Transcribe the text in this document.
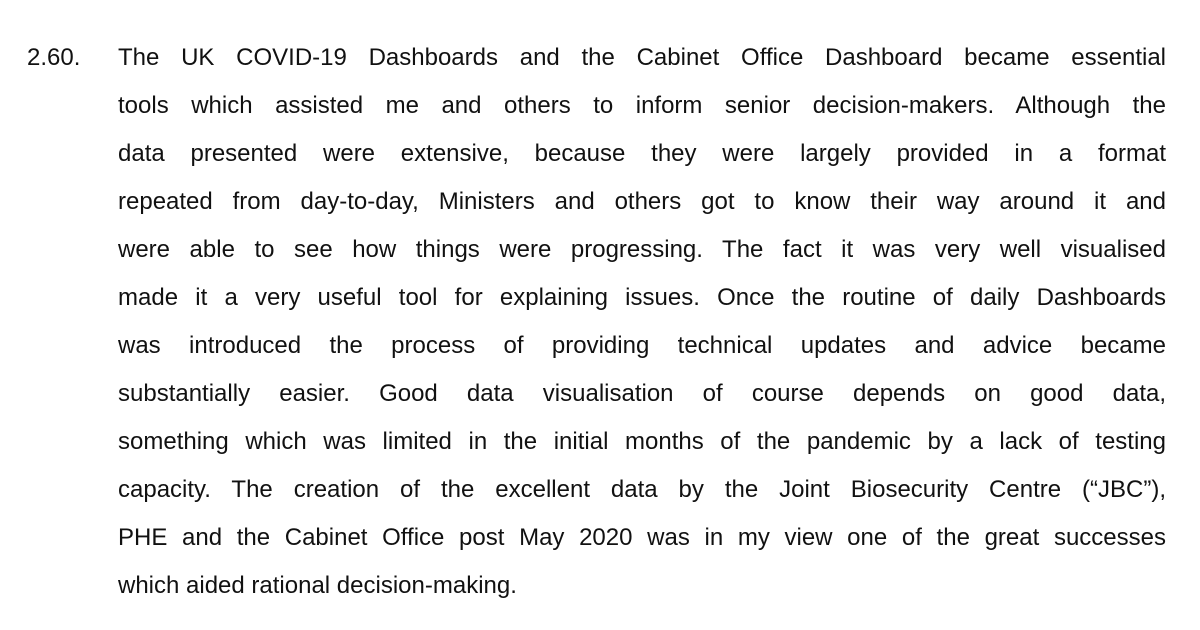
2.60. The UK COVID-19 Dashboards and the Cabinet Office Dashboard became essential
tools which assisted me and others to inform senior decision-makers. Although the
data presented were extensive, because they were largely provided in a format
repeated from day-to-day, Ministers and others got to know their way around it and
were able to see how things were progressing. The fact it was very well visualised
made it a very useful tool for explaining issues. Once the routine of daily Dashboards
was introduced the process of providing technical updates and advice became
substantially easier. Good data visualisation of course depends on good data,
something which was limited in the initial months of the pandemic by a lack of testing
capacity. The creation of the excellent data by the Joint Biosecurity Centre (“JBC”),
PHE and the Cabinet Office post May 2020 was in my view one of the great successes
which aided rational decision-making.
